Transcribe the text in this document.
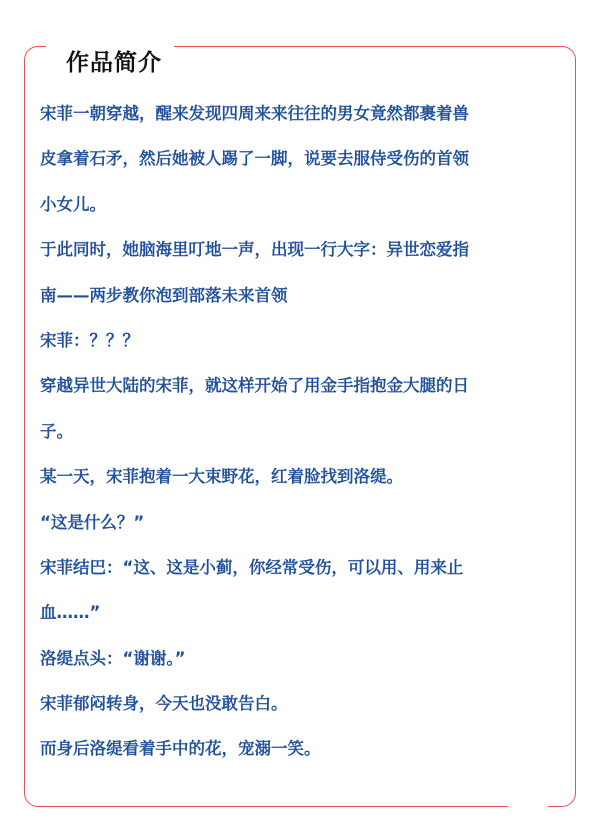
作品简介
宋菲一朝穿越，醒来发现四周来来往往的男女竟然都裹着兽
皮拿着石矛，然后她被人踢了一脚，说要去服侍受伤的首领
小女儿。
于此同时，她脑海里叮地一声，出现一行大字：异世恋爱指
南——两步教你泡到部落未来首领
宋菲：？？？
穿越异世大陆的宋菲，就这样开始了用金手指抱金大腿的日
子。
某一天，宋菲抱着一大束野花，红着脸找到洛缇。
“这是什么？”
宋菲结巴：“这、这是小蓟，你经常受伤，可以用、用来止
血……”
洛缇点头：“谢谢。”
宋菲郁闷转身，今天也没敢告白。
而身后洛缇看着手中的花，宠溺一笑。
